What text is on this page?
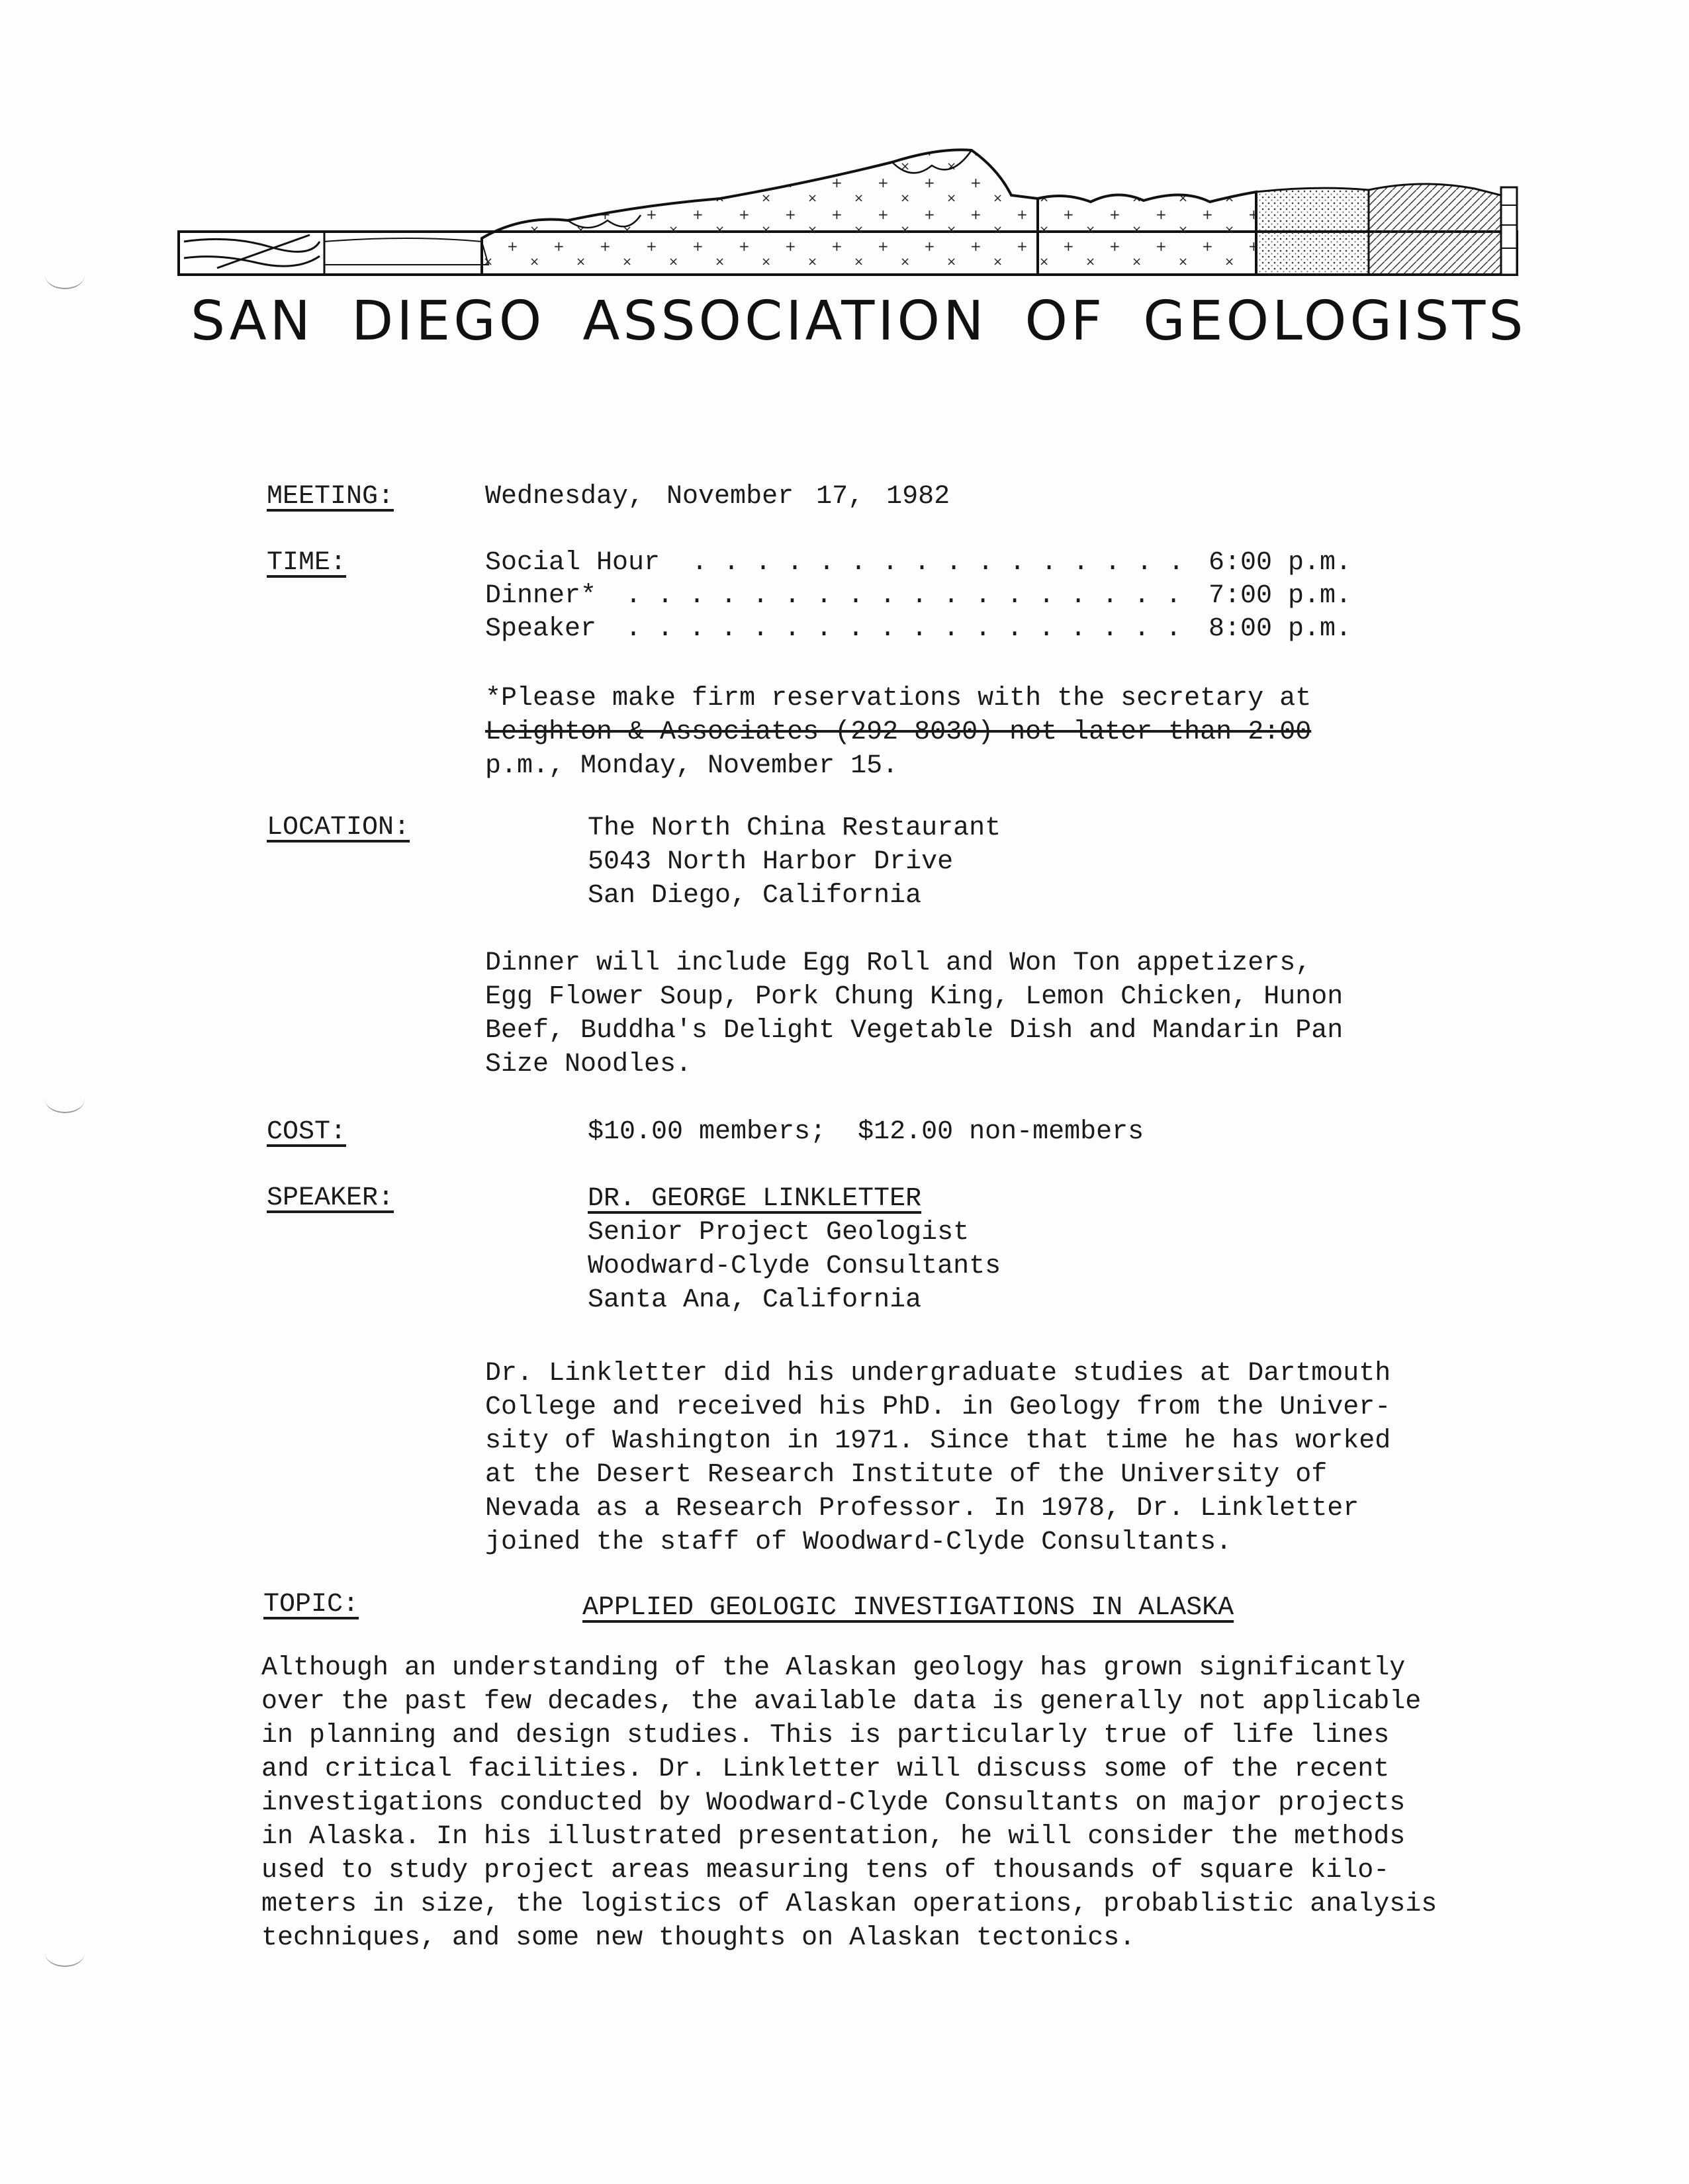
SAN DIEGO ASSOCIATION OF GEOLOGISTS
MEETING:	Wednesday, November 17, 1982
TIME:	Social Hour . . . . . . . . . . . . . . . . 6:00 p.m.
Dinner* . . . . . . . . . . . . . . . . . . 7:00 p.m.
Speaker . . . . . . . . . . . . . . . . . . 8:00 p.m.
*Please make firm reservations with the secretary at
Leighton & Associates (292-8030) not later than 2:00
p.m., Monday, November 15.
LOCATION:	The North China Restaurant
5043 North Harbor Drive
San Diego, California
Dinner will include Egg Roll and Won Ton appetizers,
Egg Flower Soup, Pork Chung King, Lemon Chicken, Hunon
Beef, Buddha's Delight Vegetable Dish and Mandarin Pan
Size Noodles.
COST:	$10.00 members;  $12.00 non-members
SPEAKER:	DR. GEORGE LINKLETTER
Senior Project Geologist
Woodward-Clyde Consultants
Santa Ana, California
Dr. Linkletter did his undergraduate studies at Dartmouth
College and received his PhD. in Geology from the Univer-
sity of Washington in 1971. Since that time he has worked
at the Desert Research Institute of the University of
Nevada as a Research Professor. In 1978, Dr. Linkletter
joined the staff of Woodward-Clyde Consultants.
TOPIC:	APPLIED GEOLOGIC INVESTIGATIONS IN ALASKA
Although an understanding of the Alaskan geology has grown significantly
over the past few decades, the available data is generally not applicable
in planning and design studies. This is particularly true of life lines
and critical facilities. Dr. Linkletter will discuss some of the recent
investigations conducted by Woodward-Clyde Consultants on major projects
in Alaska. In his illustrated presentation, he will consider the methods
used to study project areas measuring tens of thousands of square kilo-
meters in size, the logistics of Alaskan operations, probablistic analysis
techniques, and some new thoughts on Alaskan tectonics.
